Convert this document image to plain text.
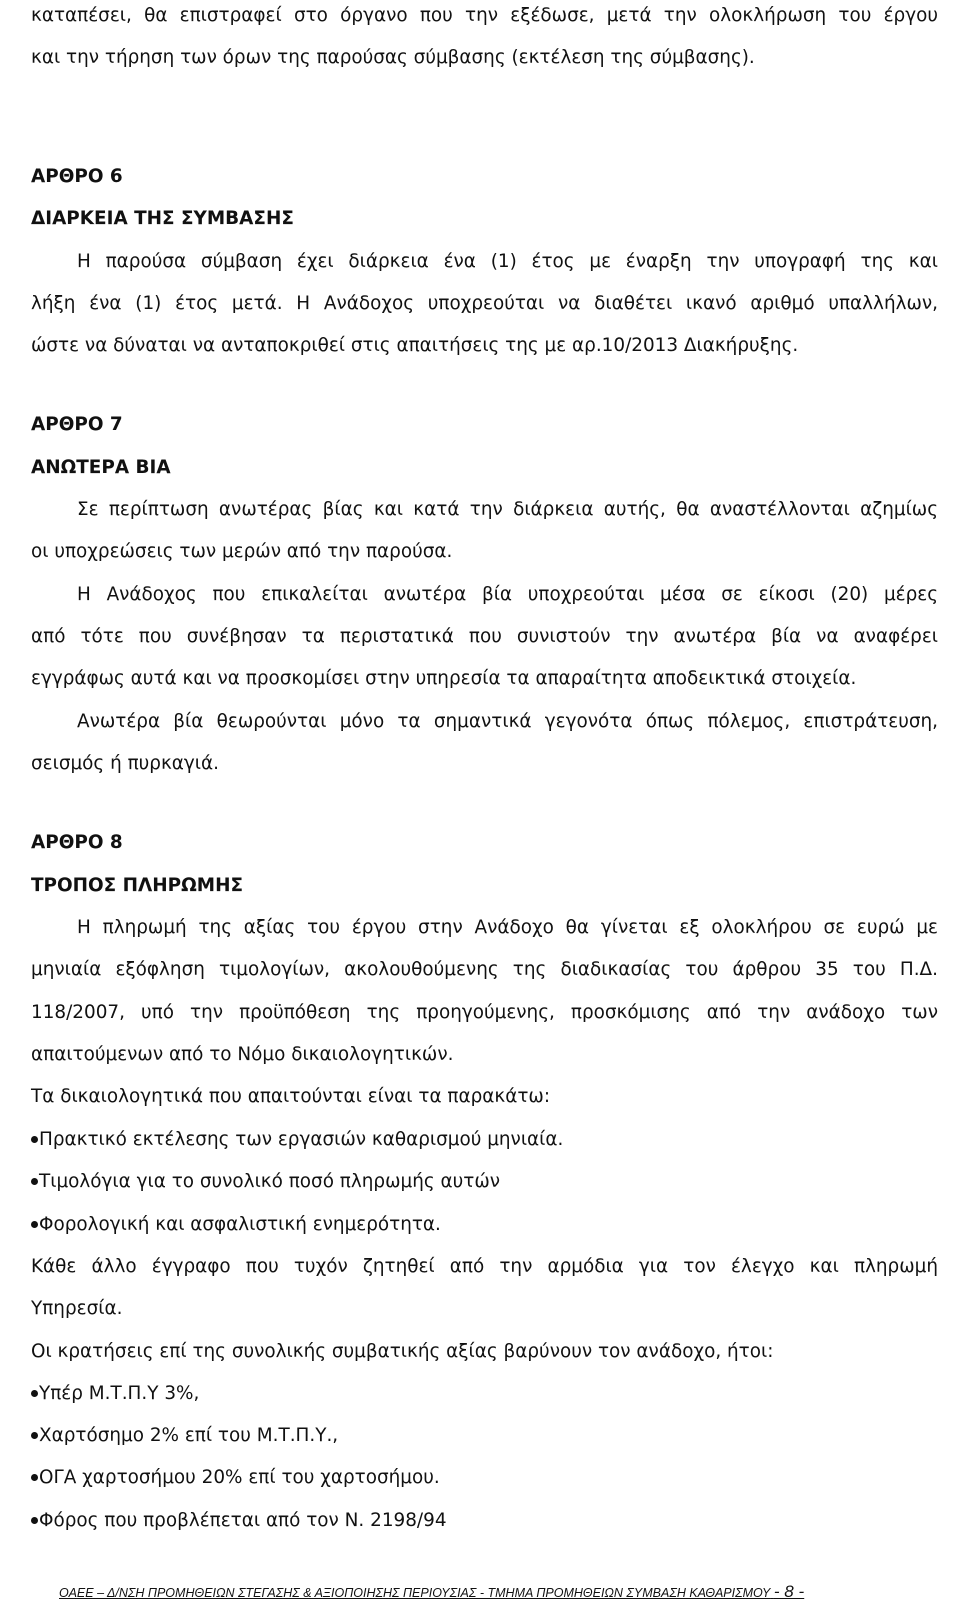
καταπέσει, θα επιστραφεί στο όργανο που την εξέδωσε, μετά την ολοκλήρωση του έργου
και την τήρηση των όρων της παρούσας σύμβασης (εκτέλεση της σύμβασης).
ΑΡΘΡΟ 6
ΔΙΑΡΚΕΙΑ ΤΗΣ ΣΥΜΒΑΣΗΣ
Η παρούσα σύμβαση έχει διάρκεια ένα (1) έτος με έναρξη την υπογραφή της και
λήξη ένα (1) έτος μετά. Η Ανάδοχος υποχρεούται να διαθέτει ικανό αριθμό υπαλλήλων,
ώστε να δύναται να ανταποκριθεί στις απαιτήσεις της με αρ.10/2013 Διακήρυξης.
ΑΡΘΡΟ 7
ΑΝΩΤΕΡΑ ΒΙΑ
Σε περίπτωση ανωτέρας βίας και κατά την διάρκεια αυτής, θα αναστέλλονται αζημίως
οι υποχρεώσεις των μερών από την παρούσα.
Η Ανάδοχος που επικαλείται ανωτέρα βία υποχρεούται μέσα σε είκοσι (20) μέρες
από τότε που συνέβησαν τα περιστατικά που συνιστούν την ανωτέρα βία να αναφέρει
εγγράφως αυτά και να προσκομίσει στην υπηρεσία τα απαραίτητα αποδεικτικά στοιχεία.
Ανωτέρα βία θεωρούνται μόνο τα σημαντικά γεγονότα όπως πόλεμος, επιστράτευση,
σεισμός ή πυρκαγιά.
ΑΡΘΡΟ 8
ΤΡΟΠΟΣ ΠΛΗΡΩΜΗΣ
Η πληρωμή της αξίας του έργου στην Ανάδοχο θα γίνεται εξ ολοκλήρου σε ευρώ με
μηνιαία εξόφληση τιμολογίων, ακολουθούμενης της διαδικασίας του άρθρου 35 του Π.Δ.
118/2007, υπό την προϋπόθεση της προηγούμενης, προσκόμισης από την ανάδοχο των
απαιτούμενων από το Νόμο δικαιολογητικών.
Τα δικαιολογητικά που απαιτούνται είναι τα παρακάτω:
Πρακτικό εκτέλεσης των εργασιών καθαρισμού μηνιαία.
Τιμολόγια για το συνολικό ποσό πληρωμής αυτών
Φορολογική και ασφαλιστική ενημερότητα.
Κάθε άλλο έγγραφο που τυχόν ζητηθεί από την αρμόδια για τον έλεγχο και πληρωμή
Υπηρεσία.
Οι κρατήσεις επί της συνολικής συμβατικής αξίας βαρύνουν τον ανάδοχο, ήτοι:
Υπέρ Μ.Τ.Π.Υ 3%,
Χαρτόσημο 2% επί του Μ.Τ.Π.Υ.,
ΟΓΑ χαρτοσήμου 20% επί του χαρτοσήμου.
Φόρος που προβλέπεται από τον Ν. 2198/94
ΟΑΕΕ – Δ/ΝΣΗ ΠΡΟΜΗΘΕΙΩΝ ΣΤΕΓΑΣΗΣ & ΑΞΙΟΠΟΙΗΣΗΣ ΠΕΡΙΟΥΣΙΑΣ - ΤΜΗΜΑ ΠΡΟΜΗΘΕΙΩΝ ΣΥΜΒΑΣΗ ΚΑΘΑΡΙΣΜΟΥ - 8 -
